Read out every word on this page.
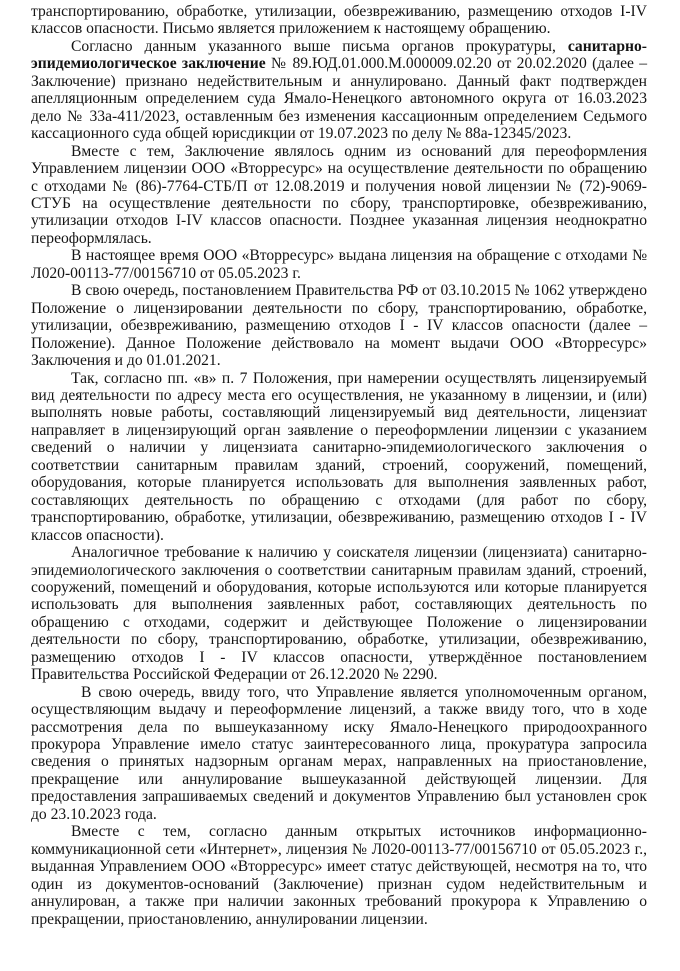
транспортированию, обработке, утилизации, обезвреживанию, размещению отходов I-IV классов опасности. Письмо является приложением к настоящему обращению.

Согласно данным указанного выше письма органов прокуратуры, санитарно-эпидемиологическое заключение № 89.ЮД.01.000.М.000009.02.20 от 20.02.2020 (далее – Заключение) признано недействительным и аннулировано. Данный факт подтвержден апелляционным определением суда Ямало-Ненецкого автономного округа от 16.03.2023 дело № 33а-411/2023, оставленным без изменения кассационным определением Седьмого кассационного суда общей юрисдикции от 19.07.2023 по делу № 88а-12345/2023.

Вместе с тем, Заключение являлось одним из оснований для переоформления Управлением лицензии ООО «Вторресурс» на осуществление деятельности по обращению с отходами № (86)-7764-СТБ/П от 12.08.2019 и получения новой лицензии № (72)-9069-СТУБ на осуществление деятельности по сбору, транспортировке, обезвреживанию, утилизации отходов I-IV классов опасности. Позднее указанная лицензия неоднократно переоформлялась.

В настоящее время ООО «Вторресурс» выдана лицензия на обращение с отходами № Л020-00113-77/00156710 от 05.05.2023 г.

В свою очередь, постановлением Правительства РФ от 03.10.2015 № 1062 утверждено Положение о лицензировании деятельности по сбору, транспортированию, обработке, утилизации, обезвреживанию, размещению отходов I - IV классов опасности (далее – Положение). Данное Положение действовало на момент выдачи ООО «Вторресурс» Заключения и до 01.01.2021.

Так, согласно пп. «в» п. 7 Положения, при намерении осуществлять лицензируемый вид деятельности по адресу места его осуществления, не указанному в лицензии, и (или) выполнять новые работы, составляющий лицензируемый вид деятельности, лицензиат направляет в лицензирующий орган заявление о переоформлении лицензии с указанием сведений о наличии у лицензиата санитарно-эпидемиологического заключения о соответствии санитарным правилам зданий, строений, сооружений, помещений, оборудования, которые планируется использовать для выполнения заявленных работ, составляющих деятельность по обращению с отходами (для работ по сбору, транспортированию, обработке, утилизации, обезвреживанию, размещению отходов I - IV классов опасности).

Аналогичное требование к наличию у соискателя лицензии (лицензиата) санитарно-эпидемиологического заключения о соответствии санитарным правилам зданий, строений, сооружений, помещений и оборудования, которые используются или которые планируется использовать для выполнения заявленных работ, составляющих деятельность по обращению с отходами, содержит и действующее Положение о лицензировании деятельности по сбору, транспортированию, обработке, утилизации, обезвреживанию, размещению отходов I - IV классов опасности, утверждённое постановлением Правительства Российской Федерации от 26.12.2020 № 2290.

В свою очередь, ввиду того, что Управление является уполномоченным органом, осуществляющим выдачу и переоформление лицензий, а также ввиду того, что в ходе рассмотрения дела по вышеуказанному иску Ямало-Ненецкого природоохранного прокурора Управление имело статус заинтересованного лица, прокуратура запросила сведения о принятых надзорным органам мерах, направленных на приостановление, прекращение или аннулирование вышеуказанной действующей лицензии. Для предоставления запрашиваемых сведений и документов Управлению был установлен срок до 23.10.2023 года.

Вместе с тем, согласно данным открытых источников информационно-коммуникационной сети «Интернет», лицензия № Л020-00113-77/00156710 от 05.05.2023 г., выданная Управлением ООО «Вторресурс» имеет статус действующей, несмотря на то, что один из документов-оснований (Заключение) признан судом недействительным и аннулирован, а также при наличии законных требований прокурора к Управлению о прекращении, приостановлению, аннулировании лицензии.
